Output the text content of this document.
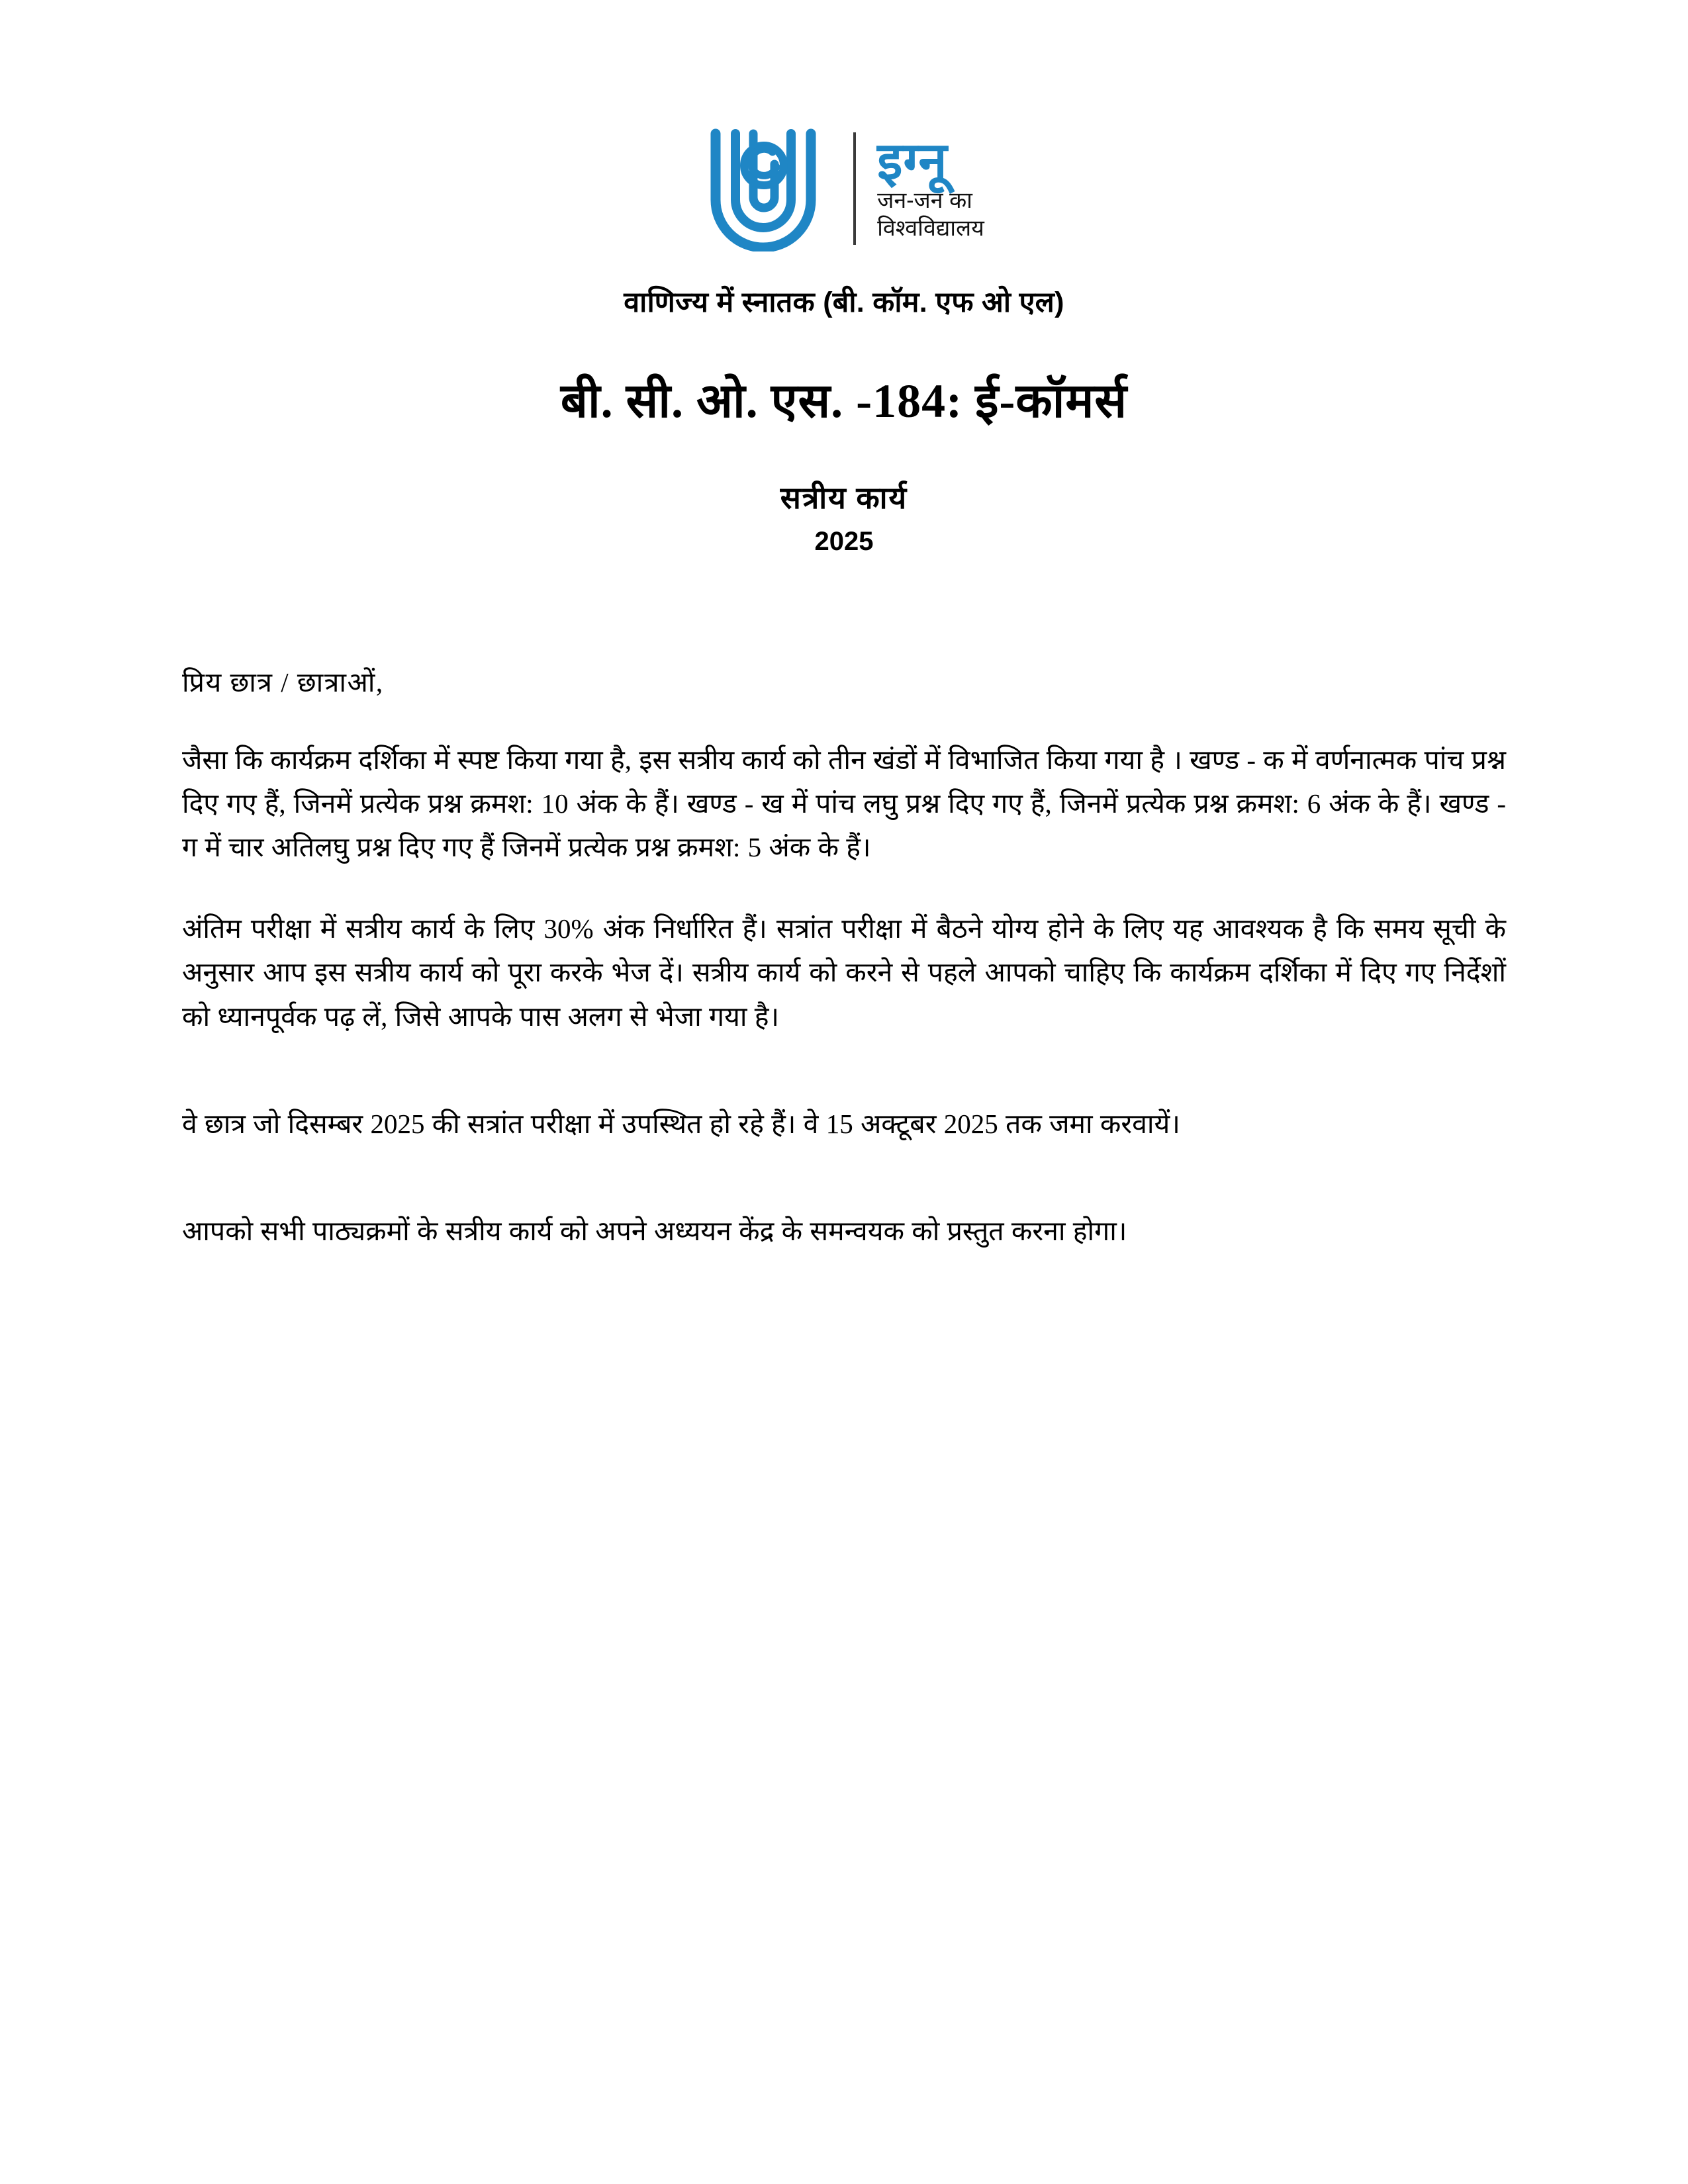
इग्नू
जन-जन का
विश्वविद्यालय
वाणिज्य में स्नातक (बी. कॉम. एफ ओ एल)
बी. सी. ओ. एस. -184: ई-कॉमर्स
सत्रीय कार्य
2025
प्रिय छात्र / छात्राओं,

जैसा कि कार्यक्रम दर्शिका में स्पष्ट किया गया है, इस सत्रीय कार्य को तीन खंडों में विभाजित किया गया है । खण्ड - क में वर्णनात्मक पांच प्रश्न दिए गए हैं, जिनमें प्रत्येक प्रश्न क्रमश: 10 अंक के हैं। खण्ड - ख में पांच लघु प्रश्न दिए गए हैं, जिनमें प्रत्येक प्रश्न क्रमश: 6 अंक के हैं। खण्ड - ग में चार अतिलघु प्रश्न दिए गए हैं जिनमें प्रत्येक प्रश्न क्रमश: 5 अंक के हैं।

अंतिम परीक्षा में सत्रीय कार्य के लिए 30% अंक निर्धारित हैं। सत्रांत परीक्षा में बैठने योग्य होने के लिए यह आवश्यक है कि समय सूची के अनुसार आप इस सत्रीय कार्य को पूरा करके भेज दें। सत्रीय कार्य को करने से पहले आपको चाहिए कि कार्यक्रम दर्शिका में दिए गए निर्देशों को ध्यानपूर्वक पढ़ लें, जिसे आपके पास अलग से भेजा गया है।

वे छात्र जो दिसम्बर 2025 की सत्रांत परीक्षा में उपस्थित हो रहे हैं। वे 15 अक्टूबर 2025 तक जमा करवायें।

आपको सभी पाठ्यक्रमों के सत्रीय कार्य को अपने अध्ययन केंद्र के समन्वयक को प्रस्तुत करना होगा।
